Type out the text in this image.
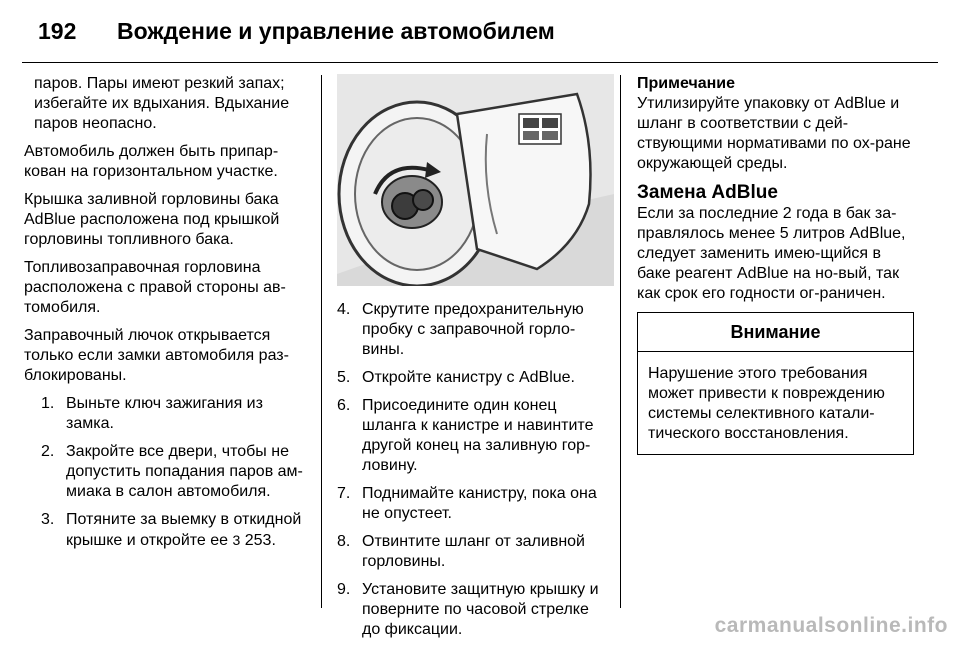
192 Вождение и управление автомобилем

паров. Пары имеют резкий запах; избегайте их вдыхания. Вдыхание паров неопасно.

Автомобиль должен быть припар-кован на горизонтальном участке.

Крышка заливной горловины бака AdBlue расположена под крышкой горловины топливного бака.

Топливозаправочная горловина расположена с правой стороны ав-томобиля.

Заправочный лючок открывается только если замки автомобиля раз-блокированы.

1. Выньте ключ зажигания из замка.
2. Закройте все двери, чтобы не допустить попадания паров ам-миака в салон автомобиля.
3. Потяните за выемку в откидной крышке и откройте ее 3 253.
4. Скрутите предохранительную пробку с заправочной горло-вины.
5. Откройте канистру с AdBlue.
6. Присоедините один конец шланга к канистре и навинтите другой конец на заливную гор-ловину.
7. Поднимайте канистру, пока она не опустеет.
8. Отвинтите шланг от заливной горловины.
9. Установите защитную крышку и поверните по часовой стрелке до фиксации.
Примечание

Утилизируйте упаковку от AdBlue и шланг в соответствии с дей-ствующими нормативами по ох-ране окружающей среды.

Замена AdBlue

Если за последние 2 года в бак за-правлялось менее 5 литров AdBlue, следует заменить имею-щийся в баке реагент AdBlue на но-вый, так как срок его годности ог-раничен.

Внимание
Нарушение этого требования может привести к повреждению системы селективного катали-тического восстановления.
carmanualsonline.info
